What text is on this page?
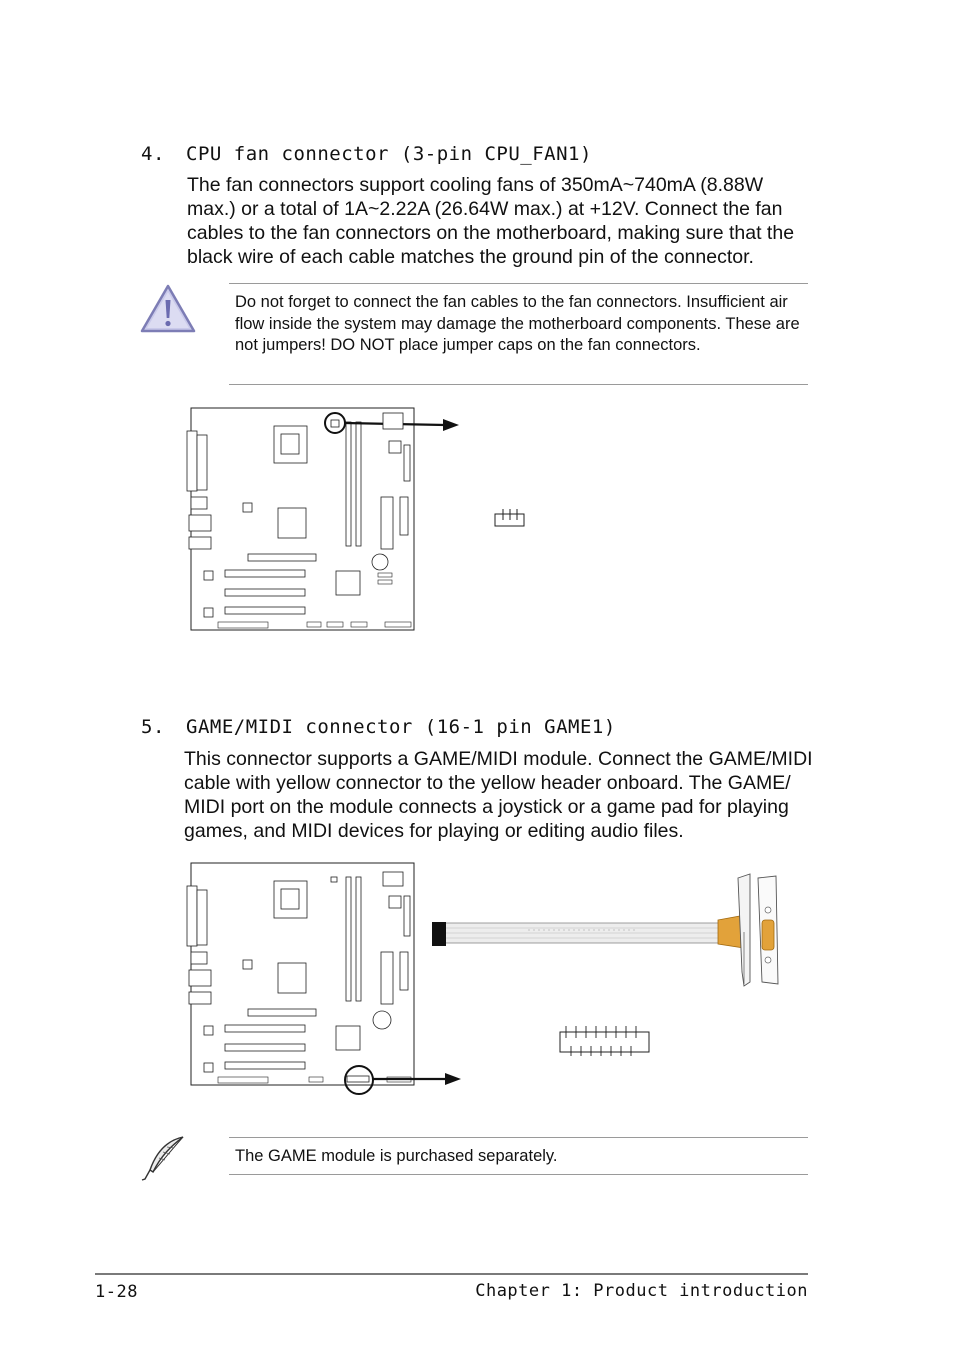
4. CPU fan connector (3-pin CPU_FAN1)
The fan connectors support cooling fans of 350mA~740mA (8.88W max.) or a total of 1A~2.22A (26.64W max.) at +12V. Connect the fan cables to the fan connectors on the motherboard, making sure that the black wire of each cable matches the ground pin of the connector.
Do not forget to connect the fan cables to the fan connectors. Insufficient air flow inside the system may damage the motherboard components. These are not jumpers! DO NOT place jumper caps on the fan connectors.
5. GAME/MIDI connector (16-1 pin GAME1)
This connector supports a GAME/MIDI module. Connect the GAME/MIDI cable with yellow connector to the yellow header onboard. The GAME/ MIDI port on the module connects a joystick or a game pad for playing games, and MIDI devices for playing or editing audio files.
The GAME module is purchased separately.
1-28	Chapter 1: Product introduction
